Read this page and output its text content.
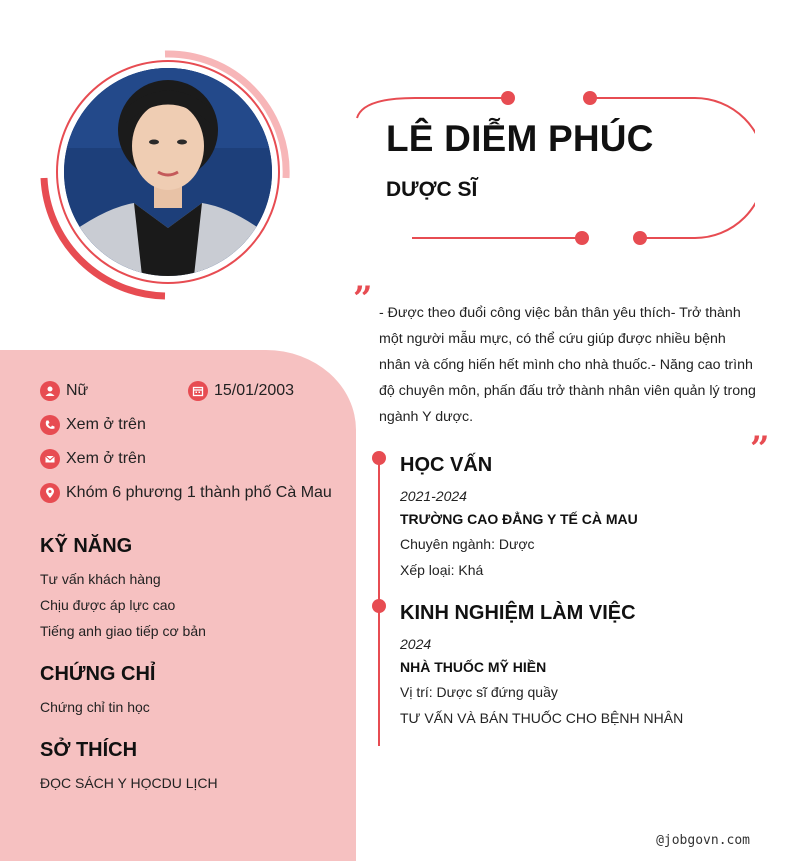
LÊ DIỄM PHÚC
DƯỢC SĨ
” - Được theo đuổi công việc bản thân yêu thích- Trở thành một người mẫu mực, có thể cứu giúp được nhiều bệnh nhân và cống hiến hết mình cho nhà thuốc.- Năng cao trình độ chuyên môn, phấn đấu trở thành nhân viên quản lý trong ngành Y dược.
”
Nữ	15/01/2003
Xem ở trên
Xem ở trên
Khóm 6 phương 1 thành phố Cà Mau
KỸ NĂNG
Tư vấn khách hàng
Chịu được áp lực cao
Tiếng anh giao tiếp cơ bản
CHỨNG CHỈ
Chứng chỉ tin học
SỞ THÍCH
ĐỌC SÁCH Y HỌCDU LỊCH
HỌC VẤN
2021-2024
TRƯỜNG CAO ĐẲNG Y TẾ CÀ MAU
Chuyên ngành: Dược
Xếp loại: Khá
KINH NGHIỆM LÀM VIỆC
2024
NHÀ THUỐC MỸ HIỀN
Vị trí: Dược sĩ đứng quầy
TƯ VẤN VÀ BÁN THUỐC CHO BỆNH NHÂN
@jobgovn.com
